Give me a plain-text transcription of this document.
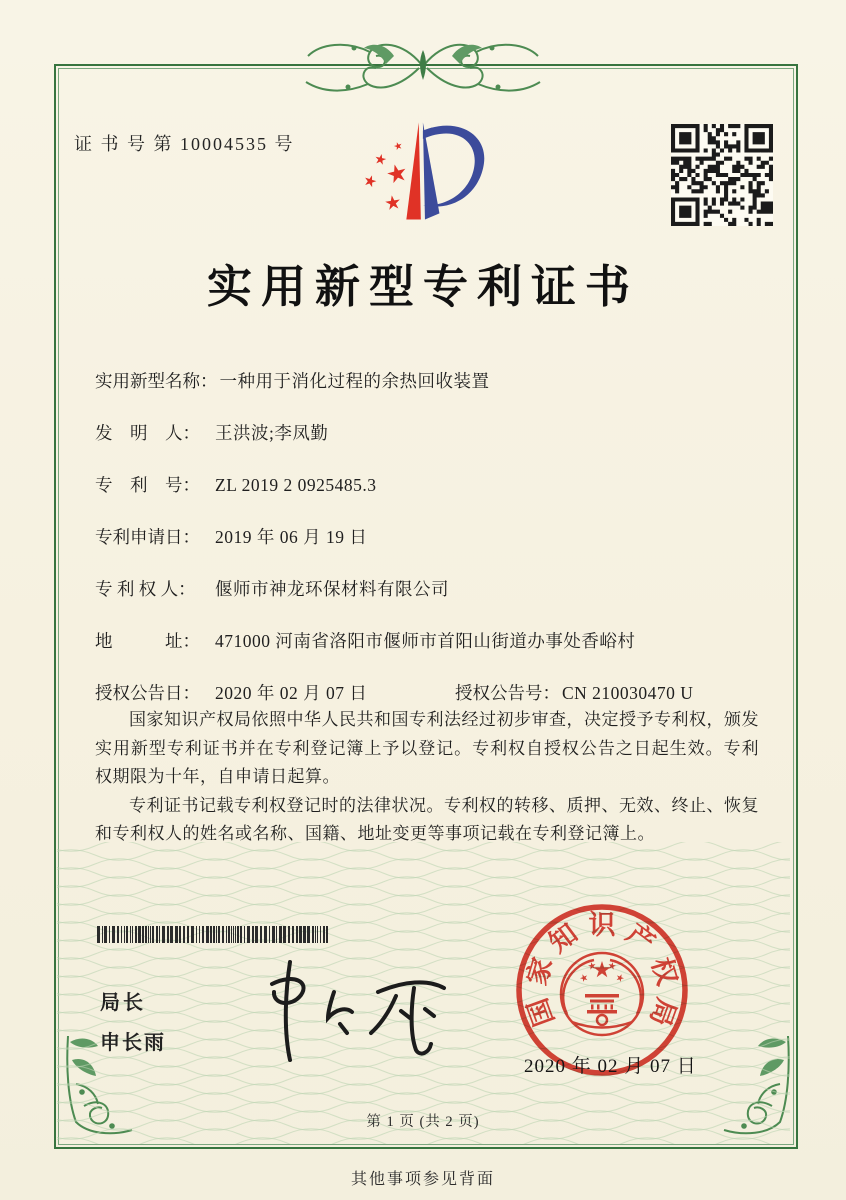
证 书 号 第 10004535 号
实用新型专利证书
实用新型名称： 一种用于消化过程的余热回收装置
发　明　人： 王洪波;李凤勤
专　利　号： ZL 2019 2 0925485.3
专利申请日： 2019 年 06 月 19 日
专 利 权 人： 偃师市神龙环保材料有限公司
地　　　址： 471000 河南省洛阳市偃师市首阳山街道办事处香峪村
授权公告日： 2020 年 02 月 07 日	授权公告号： CN 210030470 U

国家知识产权局依照中华人民共和国专利法经过初步审查，决定授予专利权，颁发实用新型专利证书并在专利登记簿上予以登记。专利权自授权公告之日起生效。专利权期限为十年，自申请日起算。

专利证书记载专利权登记时的法律状况。专利权的转移、质押、无效、终止、恢复和专利权人的姓名或名称、国籍、地址变更等事项记载在专利登记簿上。

局长
申长雨
国
家
知 识 产
权
局
2020 年 02 月 07 日
第 1 页 (共 2 页)
其他事项参见背面
